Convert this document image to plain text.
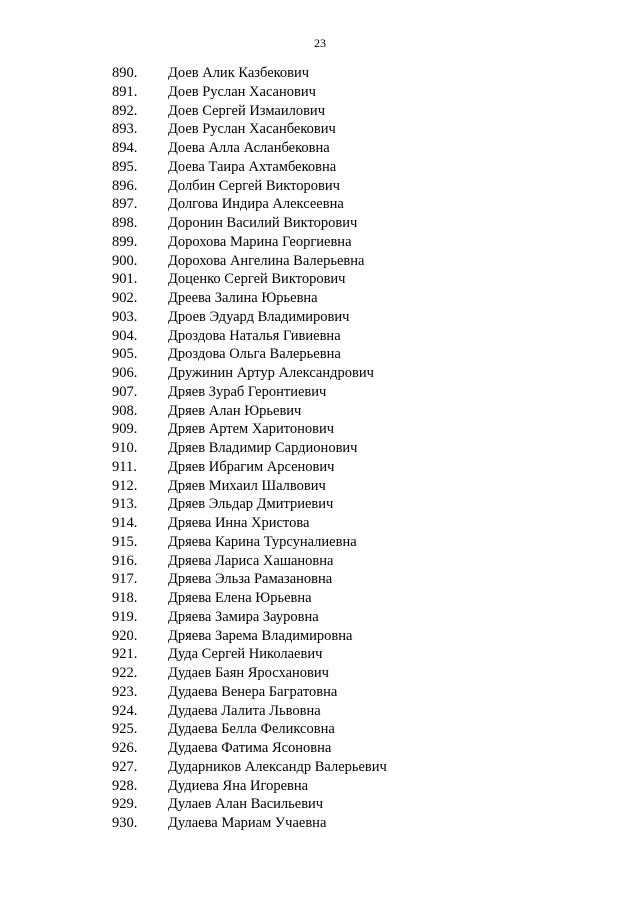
23
890. Доев Алик Казбекович
891. Доев Руслан Хасанович
892. Доев Сергей Измаилович
893. Доев Руслан Хасанбекович
894. Доева Алла Асланбековна
895. Доева Таира Ахтамбековна
896. Долбин Сергей Викторович
897. Долгова Индира Алексеевна
898. Доронин Василий Викторович
899. Дорохова Марина Георгиевна
900. Дорохова Ангелина Валерьевна
901. Доценко Сергей Викторович
902. Дреева Залина Юрьевна
903. Дроев Эдуард Владимирович
904. Дроздова Наталья Гивиевна
905. Дроздова Ольга Валерьевна
906. Дружинин Артур Александрович
907. Дряев Зураб Геронтиевич
908. Дряев Алан Юрьевич
909. Дряев Артем Харитонович
910. Дряев Владимир Сардионович
911. Дряев Ибрагим Арсенович
912. Дряев Михаил Шалвович
913. Дряев Эльдар Дмитриевич
914. Дряева Инна Христова
915. Дряева Карина Турсуналиевна
916. Дряева Лариса Хашановна
917. Дряева Эльза Рамазановна
918. Дряева Елена Юрьевна
919. Дряева Замира Зауровна
920. Дряева Зарема Владимировна
921. Дуда Сергей Николаевич
922. Дудаев Баян Яросханович
923. Дудаева Венера Багратовна
924. Дудаева Лалита Львовна
925. Дудаева Белла Феликсовна
926. Дудаева Фатима Ясоновна
927. Дударников Александр Валерьевич
928. Дудиева Яна Игоревна
929. Дулаев Алан Васильевич
930. Дулаева Мариам Учаевна
